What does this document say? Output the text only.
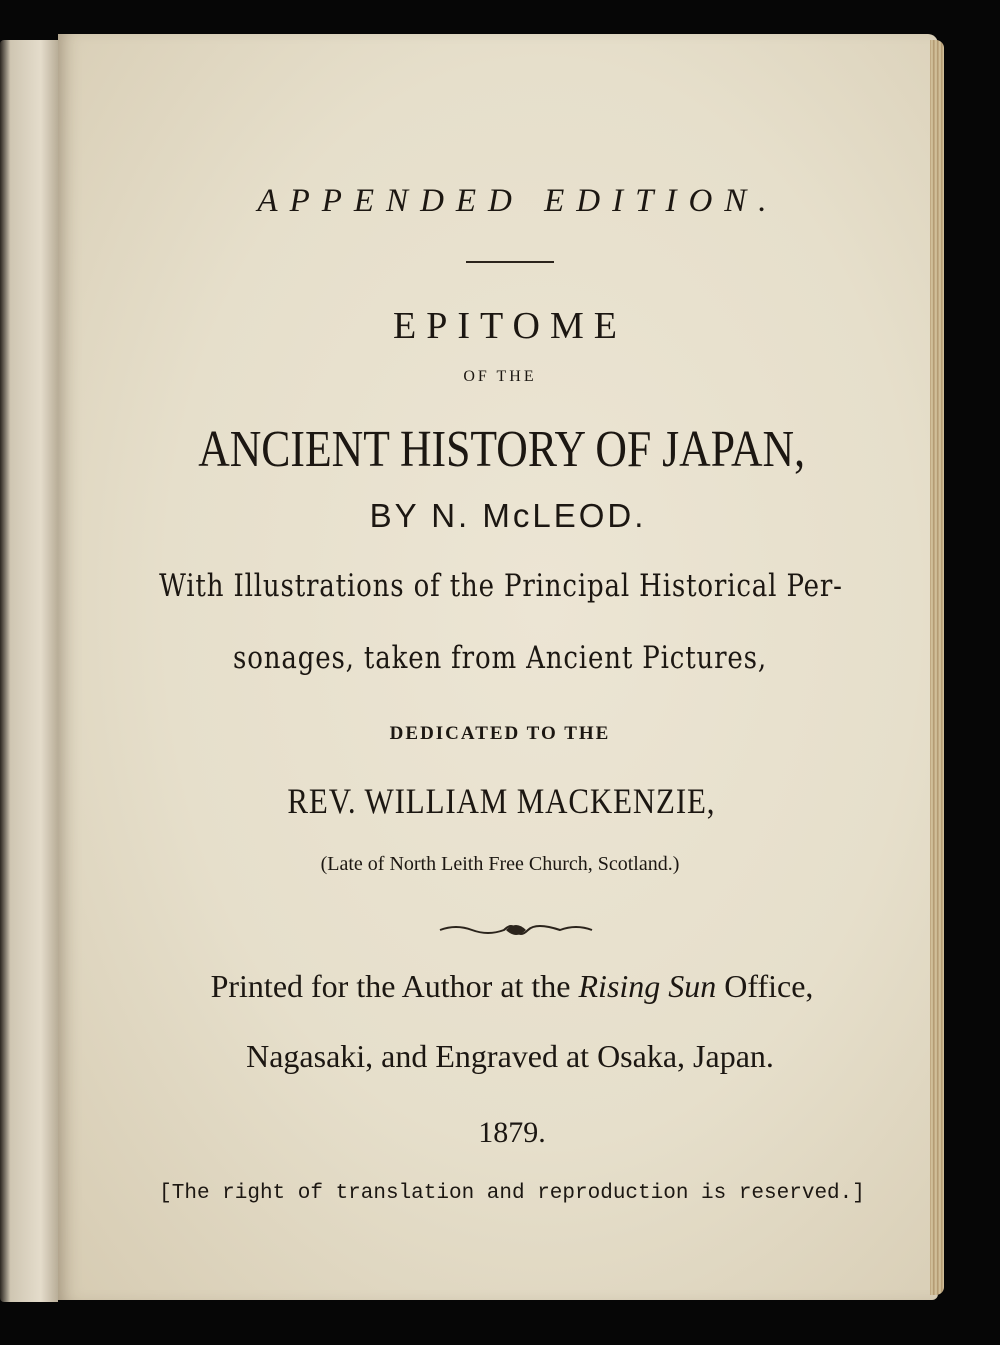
APPENDED EDITION.
EPITOME
OF THE
ANCIENT HISTORY OF JAPAN,
BY N. McLEOD.
With Illustrations of the Principal Historical Per-
sonages, taken from Ancient Pictures,
DEDICATED TO THE
REV. WILLIAM MACKENZIE,
(Late of North Leith Free Church, Scotland.)
Printed for the Author at the Rising Sun Office,
Nagasaki, and Engraved at Osaka, Japan.
1879.
[The right of translation and reproduction is reserved.]
